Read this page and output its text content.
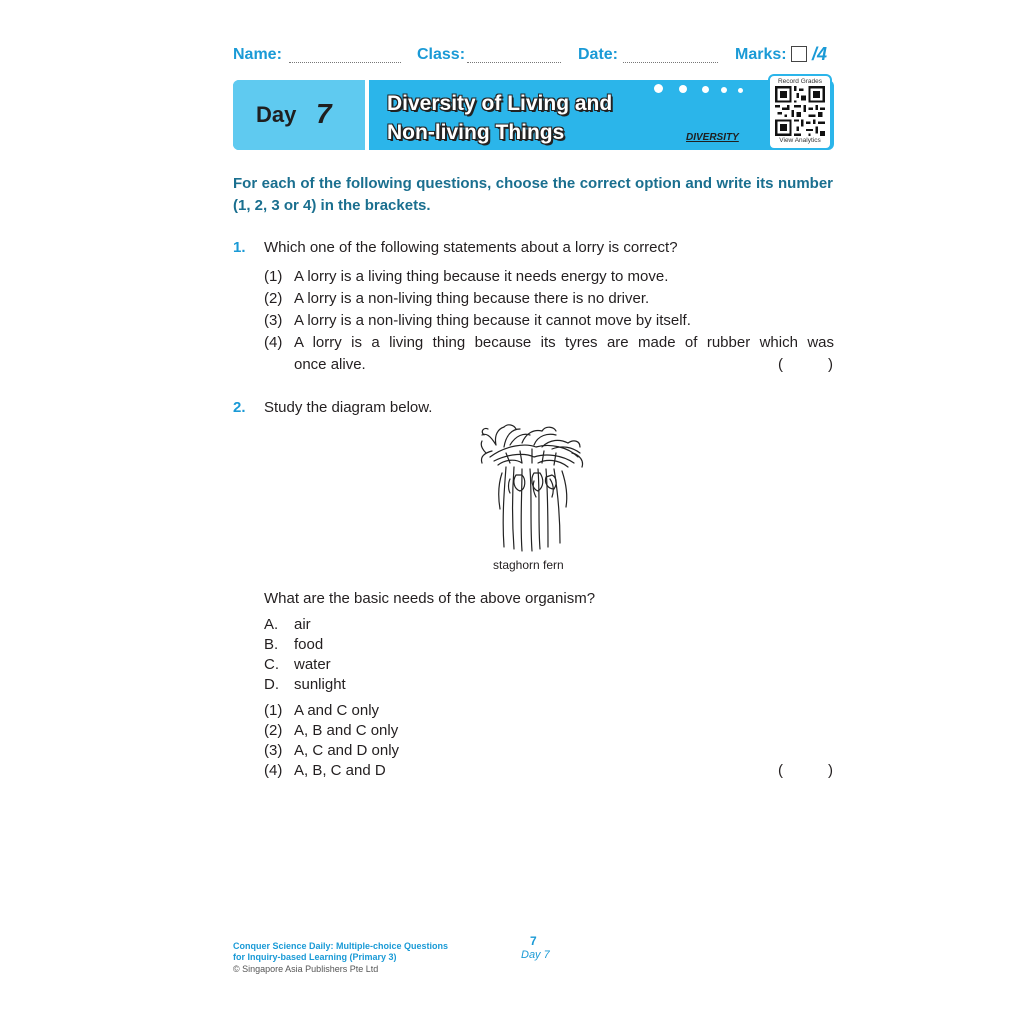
Name:	Class:	Date:	Marks: /4
Day 7	Diversity of Living and
Non-living Things	DIVERSITY
Record Grades
View Analytics
For each of the following questions, choose the correct option and write its number (1, 2, 3 or 4) in the brackets.
1. Which one of the following statements about a lorry is correct?
(1) A lorry is a living thing because it needs energy to move.
(2) A lorry is a non-living thing because there is no driver.
(3) A lorry is a non-living thing because it cannot move by itself.
(4) A lorry is a living thing because its tyres are made of rubber which was
once alive.	(	)
2. Study the diagram below.
staghorn fern
What are the basic needs of the above organism?
A. air
B. food
C. water
D. sunlight
(1) A and C only
(2) A, B and C only
(3) A, C and D only
(4) A, B, C and D	(	)
Conquer Science Daily: Multiple-choice Questions
for Inquiry-based Learning (Primary 3)
© Singapore Asia Publishers Pte Ltd
7
Day 7
